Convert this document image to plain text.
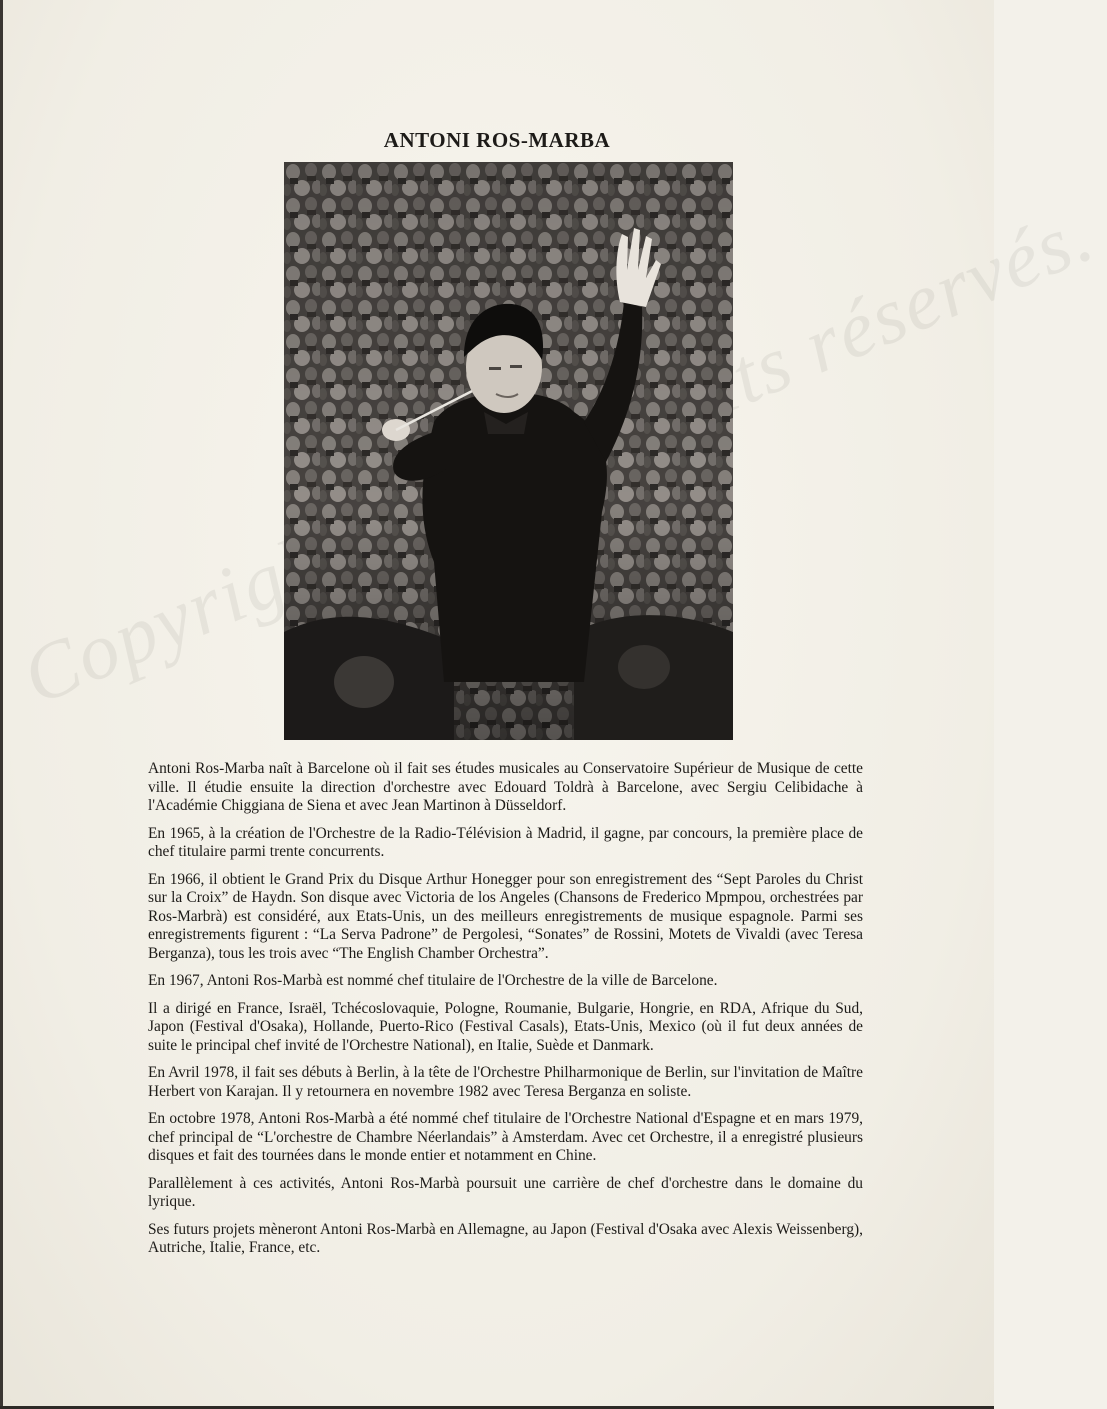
Copyright réservés.
ANTONI ROS-MARBA

Antoni Ros-Marba naît à Barcelone où il fait ses études musicales au Conservatoire Supérieur de Musique de cette ville. Il étudie ensuite la direction d'orchestre avec Edouard Toldrà à Barcelone, avec Sergiu Celibidache à l'Académie Chiggiana de Siena et avec Jean Martinon à Düsseldorf.

En 1965, à la création de l'Orchestre de la Radio-Télévision à Madrid, il gagne, par concours, la première place de chef titulaire parmi trente concurrents.

En 1966, il obtient le Grand Prix du Disque Arthur Honegger pour son enregistrement des “Sept Paroles du Christ sur la Croix” de Haydn. Son disque avec Victoria de los Angeles (Chansons de Frederico Mpmpou, orchestrées par Ros-Marbrà) est considéré, aux Etats-Unis, un des meilleurs enregistrements de musique espagnole. Parmi ses enregistrements figurent : “La Serva Padrone” de Pergolesi, “Sonates” de Rossini, Motets de Vivaldi (avec Teresa Berganza), tous les trois avec “The English Chamber Orchestra”.

En 1967, Antoni Ros-Marbà est nommé chef titulaire de l'Orchestre de la ville de Barcelone.

Il a dirigé en France, Israël, Tchécoslovaquie, Pologne, Roumanie, Bulgarie, Hongrie, en RDA, Afrique du Sud, Japon (Festival d'Osaka), Hollande, Puerto-Rico (Festival Casals), Etats-Unis, Mexico (où il fut deux années de suite le principal chef invité de l'Orchestre National), en Italie, Suède et Danmark.

En Avril 1978, il fait ses débuts à Berlin, à la tête de l'Orchestre Philharmonique de Berlin, sur l'invitation de Maître Herbert von Karajan. Il y retournera en novembre 1982 avec Teresa Berganza en soliste.

En octobre 1978, Antoni Ros-Marbà a été nommé chef titulaire de l'Orchestre National d'Espagne et en mars 1979, chef principal de “L'orchestre de Chambre Néerlandais” à Amsterdam. Avec cet Orchestre, il a enregistré plusieurs disques et fait des tournées dans le monde entier et notamment en Chine.

Parallèlement à ces activités, Antoni Ros-Marbà poursuit une carrière de chef d'orchestre dans le domaine du lyrique.

Ses futurs projets mèneront Antoni Ros-Marbà en Allemagne, au Japon (Festival d'Osaka avec Alexis Weissenberg), Autriche, Italie, France, etc.
